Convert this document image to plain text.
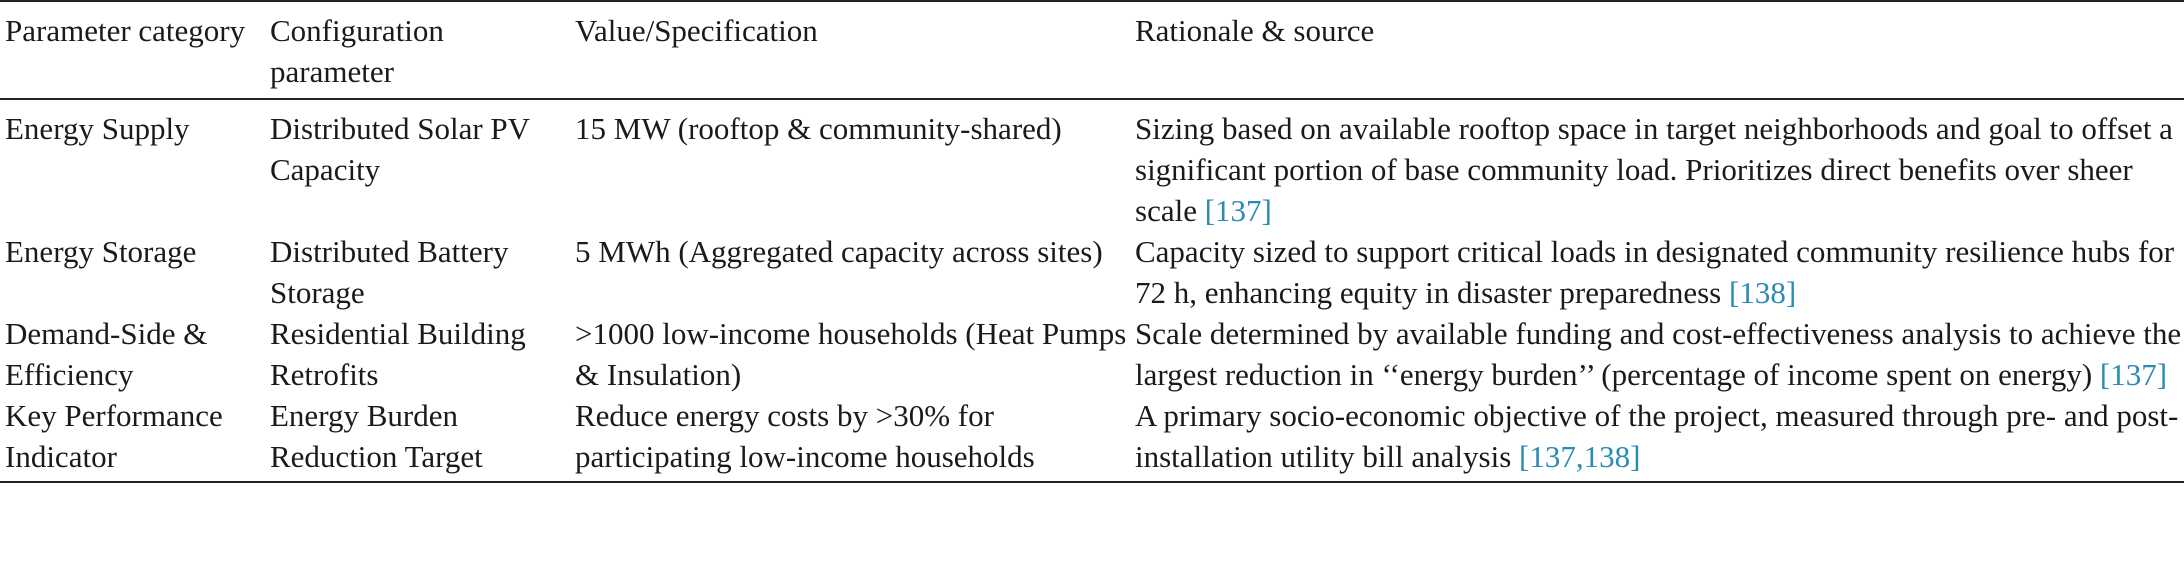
Parameter category	Configuration parameter	Value/Specification	Rationale & source
Energy Supply	Distributed Solar PV Capacity	15 MW (rooftop & community-shared)	Sizing based on available rooftop space in target neighborhoods and goal to offset a significant portion of base community load. Prioritizes direct benefits over sheer scale [137]
Energy Storage	Distributed Battery Storage	5 MWh (Aggregated capacity across sites)	Capacity sized to support critical loads in designated community resilience hubs for 72 h, enhancing equity in disaster preparedness [138]
Demand-Side & Efficiency	Residential Building Retrofits	>1000 low-income households (Heat Pumps & Insulation)	Scale determined by available funding and cost-effectiveness analysis to achieve the largest reduction in ‘‘energy burden’’ (percentage of income spent on energy) [137]
Key Performance Indicator	Energy Burden Reduction Target	Reduce energy costs by >30% for participating low-income households	A primary socio-economic objective of the project, measured through pre- and post-installation utility bill analysis [137,138]
